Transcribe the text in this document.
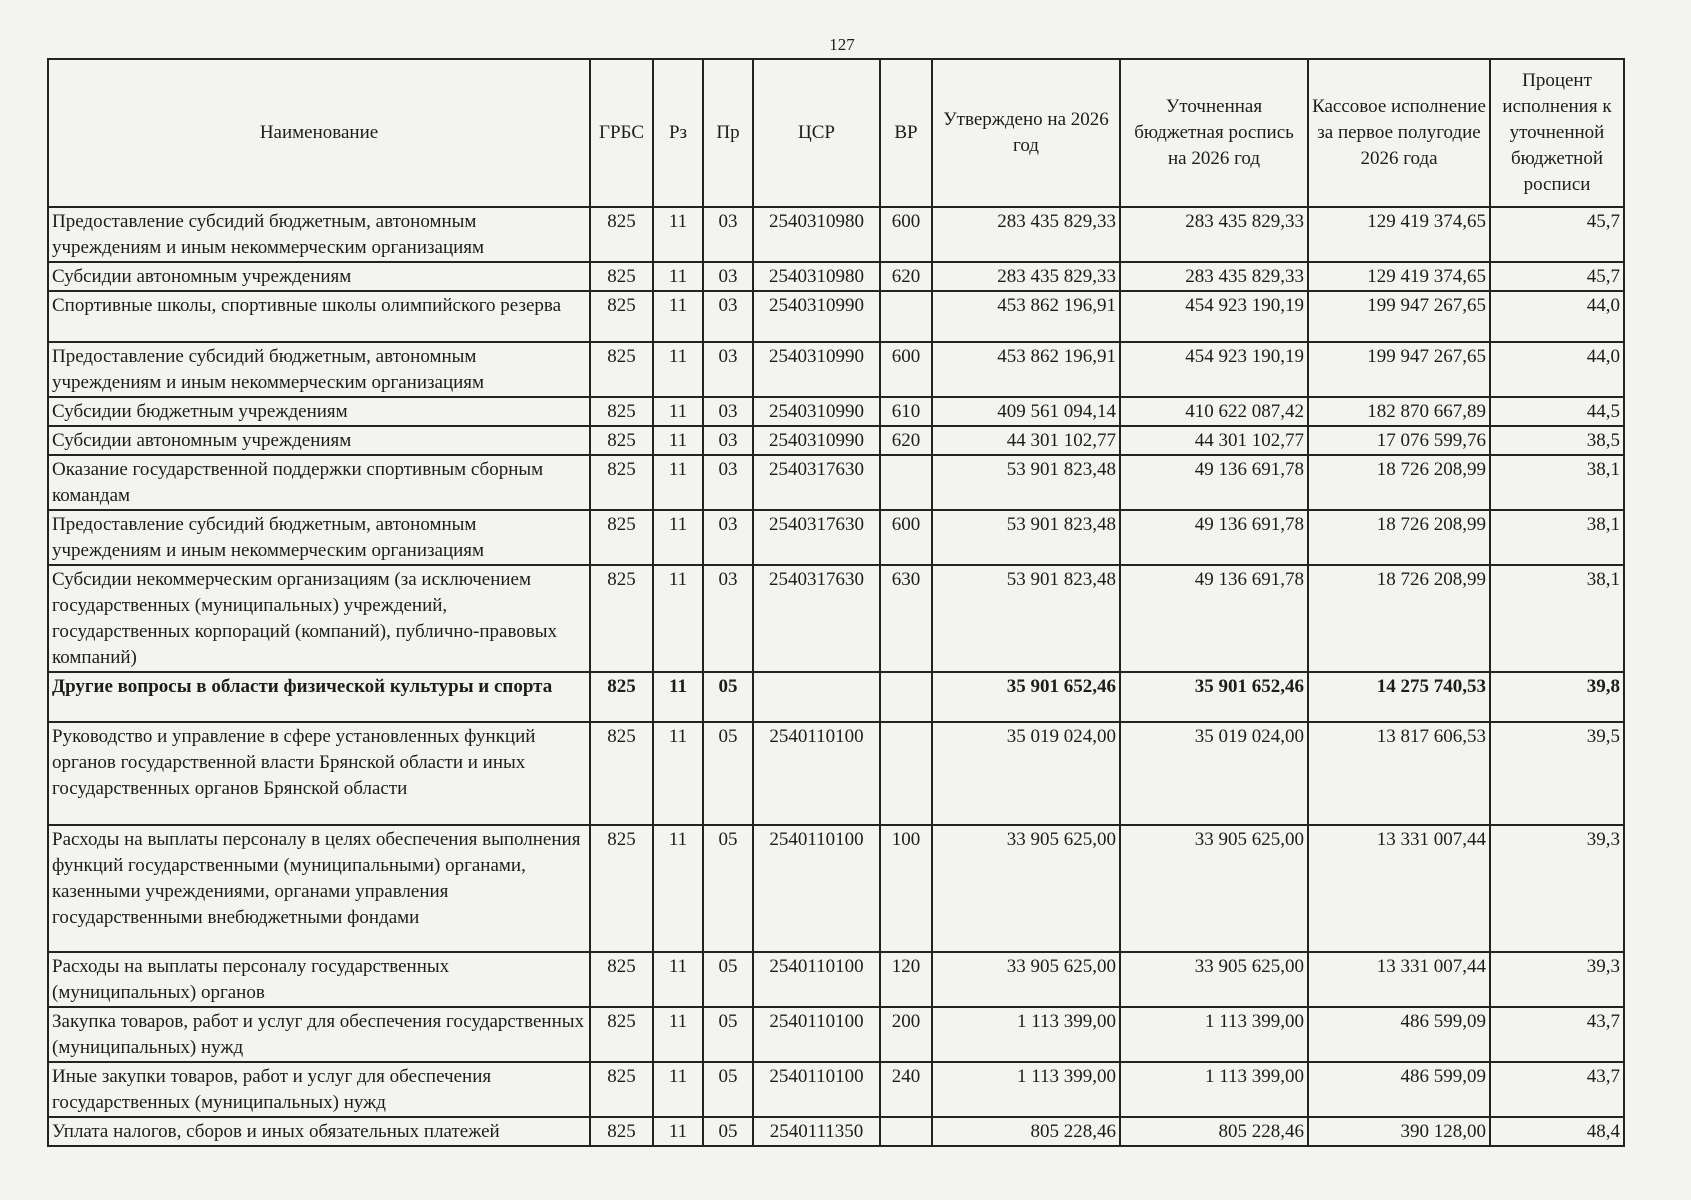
127
Наименование	ГРБС	Рз	Пр	ЦСР	ВР	Утверждено на 2026 год	Уточненная бюджетная роспись на 2026 год	Кассовое исполнение за первое полугодие 2026 года	Процент исполнения к уточненной бюджетной росписи
Предоставление субсидий бюджетным, автономным учреждениям и иным некоммерческим организациям	825	11	03	2540310980	600	283 435 829,33	283 435 829,33	129 419 374,65	45,7
Субсидии автономным учреждениям	825	11	03	2540310980	620	283 435 829,33	283 435 829,33	129 419 374,65	45,7
Спортивные школы, спортивные школы олимпийского резерва	825	11	03	2540310990		453 862 196,91	454 923 190,19	199 947 267,65	44,0
Предоставление субсидий бюджетным, автономным учреждениям и иным некоммерческим организациям	825	11	03	2540310990	600	453 862 196,91	454 923 190,19	199 947 267,65	44,0
Субсидии бюджетным учреждениям	825	11	03	2540310990	610	409 561 094,14	410 622 087,42	182 870 667,89	44,5
Субсидии автономным учреждениям	825	11	03	2540310990	620	44 301 102,77	44 301 102,77	17 076 599,76	38,5
Оказание государственной поддержки спортивным сборным командам	825	11	03	2540317630		53 901 823,48	49 136 691,78	18 726 208,99	38,1
Предоставление субсидий бюджетным, автономным учреждениям и иным некоммерческим организациям	825	11	03	2540317630	600	53 901 823,48	49 136 691,78	18 726 208,99	38,1
Субсидии некоммерческим организациям (за исключением государственных (муниципальных) учреждений, государственных корпораций (компаний), публично-правовых компаний)	825	11	03	2540317630	630	53 901 823,48	49 136 691,78	18 726 208,99	38,1
Другие вопросы в области физической культуры и спорта	825	11	05			35 901 652,46	35 901 652,46	14 275 740,53	39,8
Руководство и управление в сфере установленных функций органов государственной власти Брянской области и иных государственных органов Брянской области	825	11	05	2540110100		35 019 024,00	35 019 024,00	13 817 606,53	39,5
Расходы на выплаты персоналу в целях обеспечения выполнения функций государственными (муниципальными) органами, казенными учреждениями, органами управления государственными внебюджетными фондами	825	11	05	2540110100	100	33 905 625,00	33 905 625,00	13 331 007,44	39,3
Расходы на выплаты персоналу государственных (муниципальных) органов	825	11	05	2540110100	120	33 905 625,00	33 905 625,00	13 331 007,44	39,3
Закупка товаров, работ и услуг для обеспечения государственных (муниципальных) нужд	825	11	05	2540110100	200	1 113 399,00	1 113 399,00	486 599,09	43,7
Иные закупки товаров, работ и услуг для обеспечения государственных (муниципальных) нужд	825	11	05	2540110100	240	1 113 399,00	1 113 399,00	486 599,09	43,7
Уплата налогов, сборов и иных обязательных платежей	825	11	05	2540111350		805 228,46	805 228,46	390 128,00	48,4
